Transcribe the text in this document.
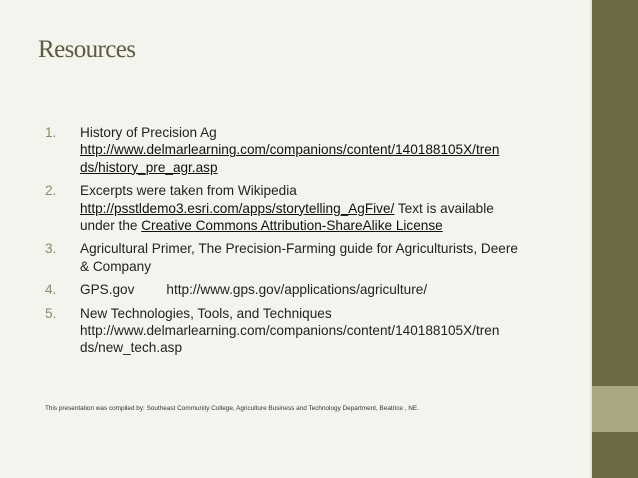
Resources
1. History of Precision Ag
http://www.delmarlearning.com/companions/content/140188105X/tren
ds/history_pre_agr.asp
2. Excerpts were taken from Wikipedia
http://psstldemo3.esri.com/apps/storytelling_AgFive/ Text is available
under the Creative Commons Attribution-ShareAlike License
3. Agricultural Primer, The Precision-Farming guide for Agriculturists, Deere
& Company
4. GPS.gov http://www.gps.gov/applications/agriculture/
5. New Technologies, Tools, and Techniques
http://www.delmarlearning.com/companions/content/140188105X/tren
ds/new_tech.asp
This presentation was compiled by: Southeast Community College, Agriculture Business and Technology Department, Beatrice , NE.
